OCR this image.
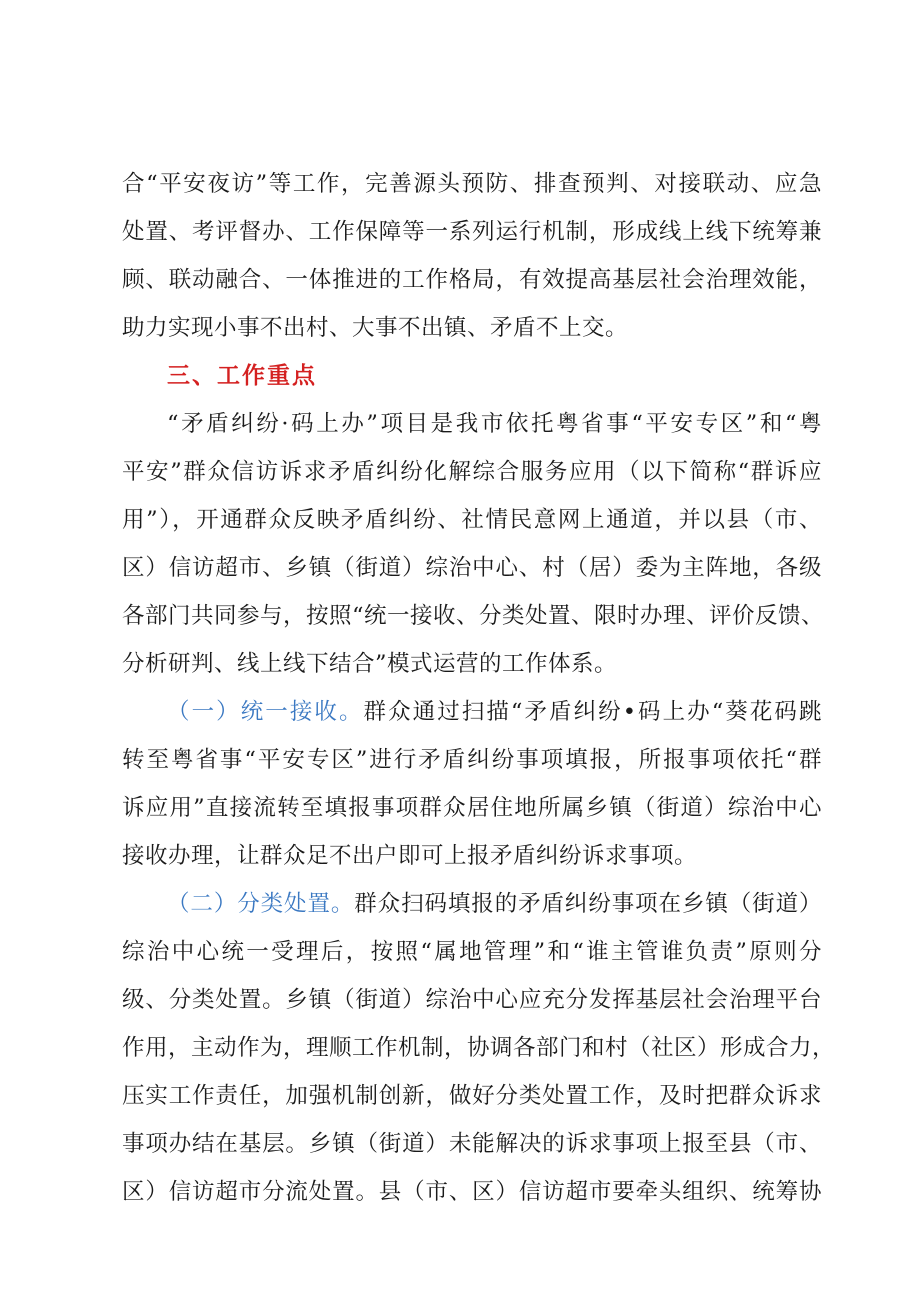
合“平安夜访”等工作，完善源头预防、排查预判、对接联动、应急
处置、考评督办、工作保障等一系列运行机制，形成线上线下统筹兼
顾、联动融合、一体推进的工作格局，有效提高基层社会治理效能，
助力实现小事不出村、大事不出镇、矛盾不上交。
三、工作重点
“矛盾纠纷·码上办”项目是我市依托粤省事“平安专区”和“粤
平安”群众信访诉求矛盾纠纷化解综合服务应用（以下简称“群诉应
用”），开通群众反映矛盾纠纷、社情民意网上通道，并以县（市、
区）信访超市、乡镇（街道）综治中心、村（居）委为主阵地，各级
各部门共同参与，按照“统一接收、分类处置、限时办理、评价反馈、
分析研判、线上线下结合”模式运营的工作体系。
（一）统一接收。群众通过扫描“矛盾纠纷•码上办“葵花码跳
转至粤省事“平安专区”进行矛盾纠纷事项填报，所报事项依托“群
诉应用”直接流转至填报事项群众居住地所属乡镇（街道）综治中心
接收办理，让群众足不出户即可上报矛盾纠纷诉求事项。
（二）分类处置。群众扫码填报的矛盾纠纷事项在乡镇（街道）
综治中心统一受理后，按照“属地管理”和“谁主管谁负责”原则分
级、分类处置。乡镇（街道）综治中心应充分发挥基层社会治理平台
作用，主动作为，理顺工作机制，协调各部门和村（社区）形成合力，
压实工作责任，加强机制创新，做好分类处置工作，及时把群众诉求
事项办结在基层。乡镇（街道）未能解决的诉求事项上报至县（市、
区）信访超市分流处置。县（市、区）信访超市要牵头组织、统筹协
